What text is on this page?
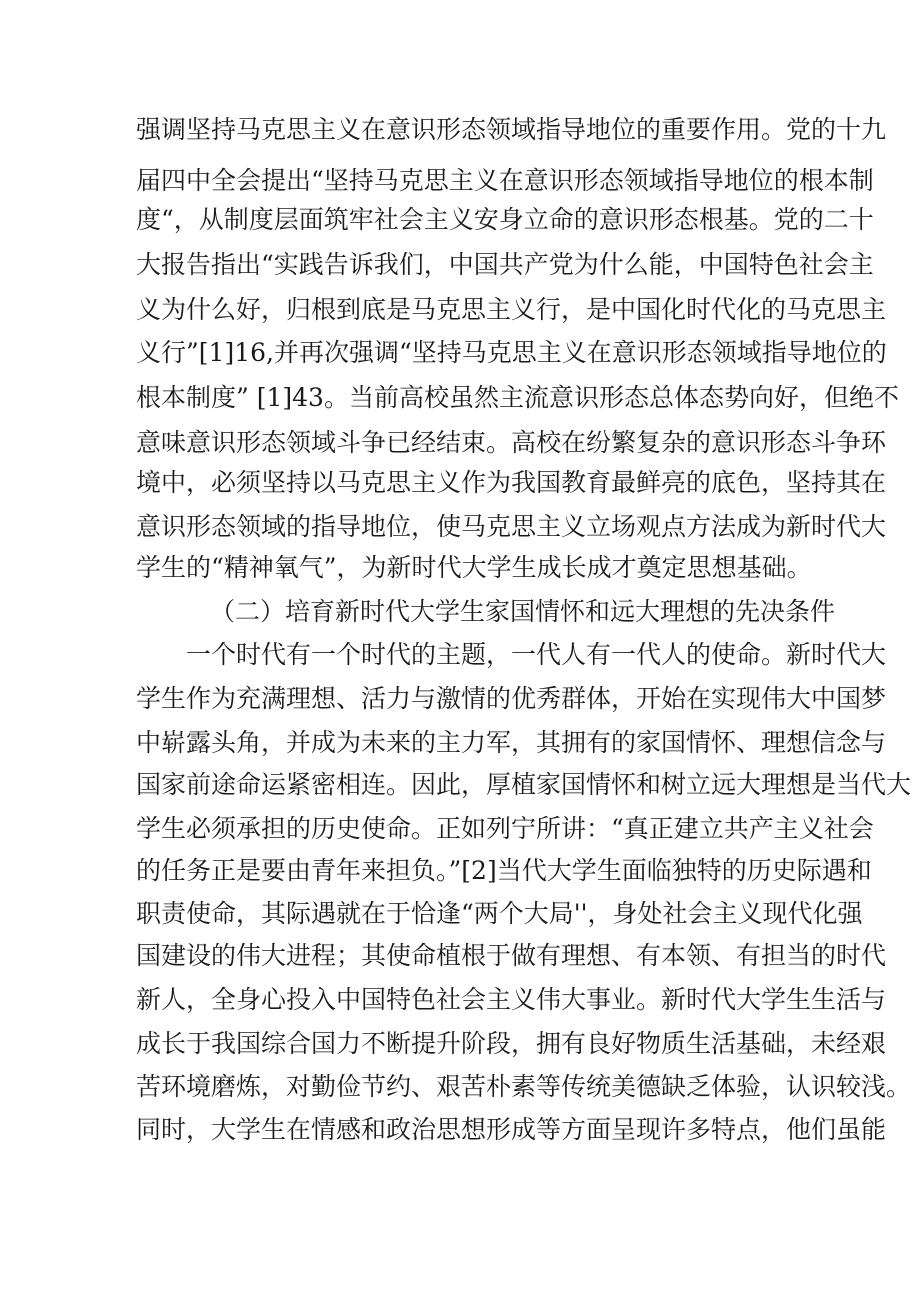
强调坚持马克思主义在意识形态领域指导地位的重要作用。党的十九
届四中全会提出“坚持马克思主义在意识形态领域指导地位的根本制
度“，从制度层面筑牢社会主义安身立命的意识形态根基。党的二十
大报告指出“实践告诉我们，中国共产党为什么能，中国特色社会主
义为什么好，归根到底是马克思主义行，是中国化时代化的马克思主
义行”[1]16,并再次强调“坚持马克思主义在意识形态领域指导地位的
根本制度” [1]43。当前高校虽然主流意识形态总体态势向好，但绝不
意味意识形态领域斗争已经结束。高校在纷繁复杂的意识形态斗争环
境中，必须坚持以马克思主义作为我国教育最鲜亮的底色，坚持其在
意识形态领域的指导地位，使马克思主义立场观点方法成为新时代大
学生的“精神氧气”，为新时代大学生成长成才奠定思想基础。
（二）培育新时代大学生家国情怀和远大理想的先决条件
一个时代有一个时代的主题，一代人有一代人的使命。新时代大
学生作为充满理想、活力与激情的优秀群体，开始在实现伟大中国梦
中崭露头角，并成为未来的主力军，其拥有的家国情怀、理想信念与
国家前途命运紧密相连。因此，厚植家国情怀和树立远大理想是当代大
学生必须承担的历史使命。正如列宁所讲：“真正建立共产主义社会
的任务正是要由青年来担负。”[2]当代大学生面临独特的历史际遇和
职责使命，其际遇就在于恰逢“两个大局''，身处社会主义现代化强
国建设的伟大进程；其使命植根于做有理想、有本领、有担当的时代
新人，全身心投入中国特色社会主义伟大事业。新时代大学生生活与
成长于我国综合国力不断提升阶段，拥有良好物质生活基础，未经艰
苦环境磨炼，对勤俭节约、艰苦朴素等传统美德缺乏体验，认识较浅。
同时，大学生在情感和政治思想形成等方面呈现许多特点，他们虽能
